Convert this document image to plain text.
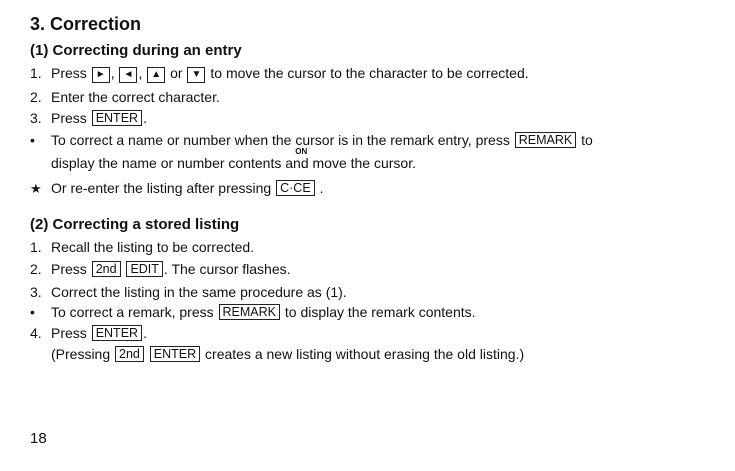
3. Correction
(1) Correcting during an entry
1. Press ► , ◄ , ▲ or ▼ to move the cursor to the character to be corrected.
2. Enter the correct character.
3. Press ENTER .
• To correct a name or number when the cursor is in the remark entry, press REMARK to
display the name or number contents and
ON
move the cursor.
★ Or re-enter the listing after pressing C·CE .
(2) Correcting a stored listing
1. Recall the listing to be corrected.
2. Press 2nd EDIT . The cursor flashes.
3. Correct the listing in the same procedure as (1).
• To correct a remark, press REMARK to display the remark contents.
4. Press ENTER .
(Pressing 2nd ENTER creates a new listing without erasing the old listing.)
18
